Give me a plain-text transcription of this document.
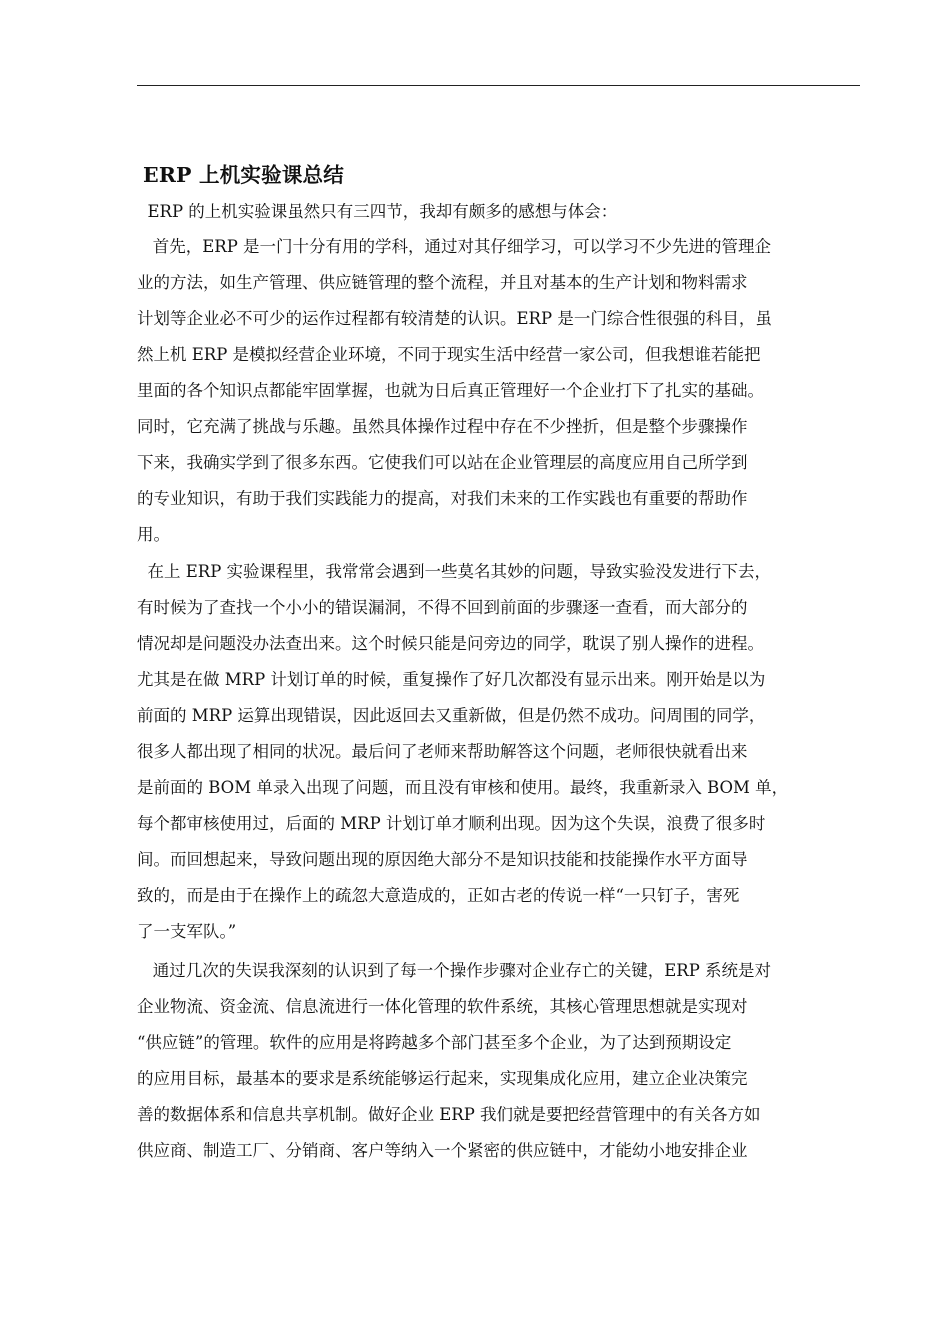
ERP 上机实验课总结

ERP 的上机实验课虽然只有三四节，我却有颇多的感想与体会：

首先，ERP 是一门十分有用的学科，通过对其仔细学习，可以学习不少先进的管理企

业的方法，如生产管理、供应链管理的整个流程，并且对基本的生产计划和物料需求

计划等企业必不可少的运作过程都有较清楚的认识。ERP 是一门综合性很强的科目，虽

然上机 ERP 是模拟经营企业环境，不同于现实生活中经营一家公司，但我想谁若能把

里面的各个知识点都能牢固掌握，也就为日后真正管理好一个企业打下了扎实的基础。

同时，它充满了挑战与乐趣。虽然具体操作过程中存在不少挫折，但是整个步骤操作

下来，我确实学到了很多东西。它使我们可以站在企业管理层的高度应用自己所学到

的专业知识，有助于我们实践能力的提高，对我们未来的工作实践也有重要的帮助作

用。

在上 ERP 实验课程里，我常常会遇到一些莫名其妙的问题，导致实验没发进行下去，

有时候为了查找一个小小的错误漏洞，不得不回到前面的步骤逐一查看，而大部分的

情况却是问题没办法查出来。这个时候只能是问旁边的同学，耽误了别人操作的进程。

尤其是在做 MRP 计划订单的时候，重复操作了好几次都没有显示出来。刚开始是以为

前面的 MRP 运算出现错误，因此返回去又重新做，但是仍然不成功。问周围的同学，

很多人都出现了相同的状况。最后问了老师来帮助解答这个问题，老师很快就看出来

是前面的 BOM 单录入出现了问题，而且没有审核和使用。最终，我重新录入 BOM 单，

每个都审核使用过，后面的 MRP 计划订单才顺利出现。因为这个失误，浪费了很多时

间。而回想起来，导致问题出现的原因绝大部分不是知识技能和技能操作水平方面导

致的，而是由于在操作上的疏忽大意造成的，正如古老的传说一样“一只钉子，害死

了一支军队。”

通过几次的失误我深刻的认识到了每一个操作步骤对企业存亡的关键，ERP 系统是对

企业物流、资金流、信息流进行一体化管理的软件系统，其核心管理思想就是实现对

“供应链”的管理。软件的应用是将跨越多个部门甚至多个企业，为了达到预期设定

的应用目标，最基本的要求是系统能够运行起来，实现集成化应用，建立企业决策完

善的数据体系和信息共享机制。做好企业 ERP 我们就是要把经营管理中的有关各方如

供应商、制造工厂、分销商、客户等纳入一个紧密的供应链中，才能幼小地安排企业
